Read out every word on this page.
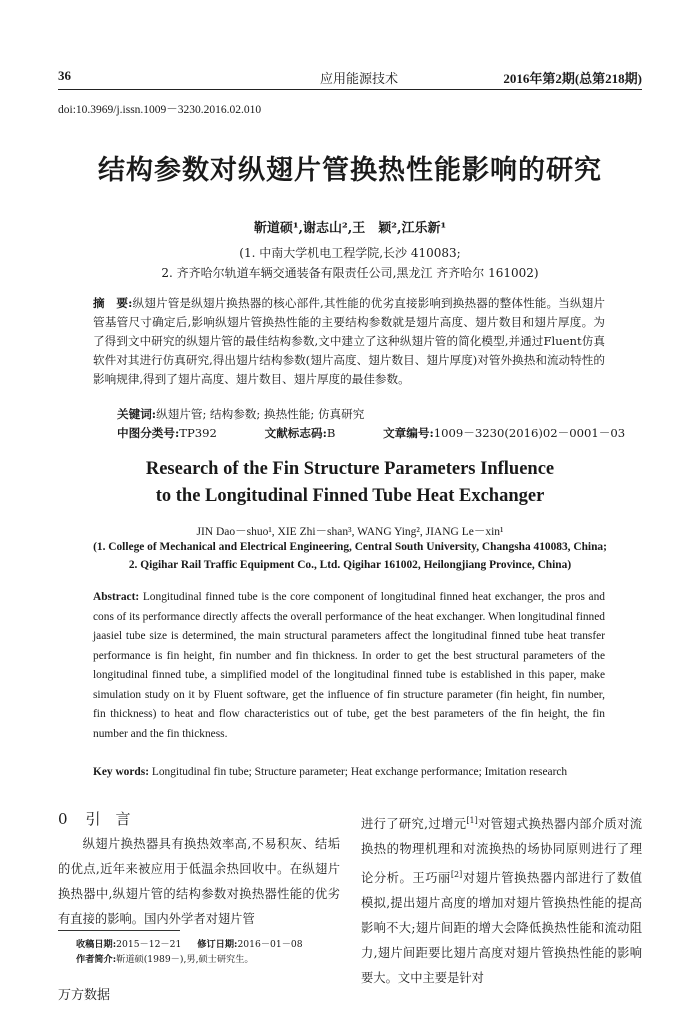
36	应用能源技术	2016年第2期(总第218期)
doi:10.3969/j.issn.1009－3230.2016.02.010
结构参数对纵翅片管换热性能影响的研究
靳道硕¹,谢志山²,王　颖²,江乐新¹
(1. 中南大学机电工程学院,长沙 410083;
2. 齐齐哈尔轨道车辆交通装备有限责任公司,黑龙江 齐齐哈尔 161002)
摘　要:纵翅片管是纵翅片换热器的核心部件,其性能的优劣直接影响到换热器的整体性能。当纵翅片管基管尺寸确定后,影响纵翅片管换热性能的主要结构参数就是翅片高度、翅片数目和翅片厚度。为了得到文中研究的纵翅片管的最佳结构参数,文中建立了这种纵翅片管的简化模型,并通过Fluent仿真软件对其进行仿真研究,得出翅片结构参数(翅片高度、翅片数目、翅片厚度)对管外换热和流动特性的影响规律,得到了翅片高度、翅片数目、翅片厚度的最佳参数。
关键词:纵翅片管; 结构参数; 换热性能; 仿真研究
中图分类号:TP392	文献标志码:B	文章编号:1009－3230(2016)02－0001－03
Research of the Fin Structure Parameters Influence
to the Longitudinal Finned Tube Heat Exchanger
JIN Dao－shuo¹, XIE Zhi－shan³, WANG Ying², JIANG Le－xin¹
(1. College of Mechanical and Electrical Engineering, Central South University, Changsha 410083, China;
2. Qigihar Rail Traffic Equipment Co., Ltd. Qigihar 161002, Heilongjiang Province, China)
Abstract: Longitudinal finned tube is the core component of longitudinal finned heat exchanger, the pros and cons of its performance directly affects the overall performance of the heat exchanger. When longitudinal finned jaasiel tube size is determined, the main structural parameters affect the longitudinal finned tube heat transfer performance is fin height, fin number and fin thickness. In order to get the best structural parameters of the longitudinal finned tube, a simplified model of the longitudinal finned tube is established in this paper, make simulation study on it by Fluent software, get the influence of fin structure parameter (fin height, fin number, fin thickness) to heat and flow characteristics out of tube, get the best parameters of the fin height, the fin number and the fin thickness.
Key words: Longitudinal fin tube; Structure parameter; Heat exchange performance; Imitation research
0 引　言
纵翅片换热器具有换热效率高,不易积灰、结垢的优点,近年来被应用于低温余热回收中。在纵翅片换热器中,纵翅片管的结构参数对换热器性能的优劣有直接的影响。国内外学者对翅片管
进行了研究,过增元[1]对管翅式换热器内部介质对流换热的物理机理和对流换热的场协同原则进行了理论分析。王巧丽[2]对翅片管换热器内部进行了数值模拟,提出翅片高度的增加对翅片管换热性能的提高影响不大;翅片间距的增大会降低换热性能和流动阻力,翅片间距要比翅片高度对翅片管换热性能的影响要大。文中主要是针对
收稿日期:2015－12－21 修订日期:2016－01－08
作者简介:靳道硕(1989－),男,硕士研究生。
万方数据
